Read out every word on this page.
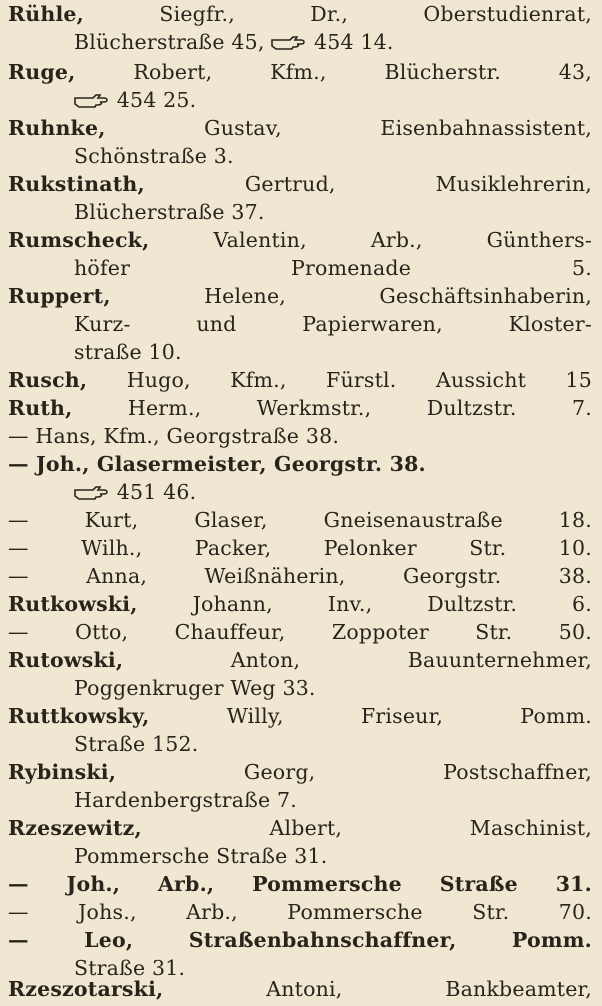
Rühle,	Siegfr., Dr., Oberstudienrat,
Blücherstraße 45,
454 14.
Ruge,	Robert, Kfm., Blücherstr. 43,
454 25.
Ruhnke,	Gustav, Eisenbahnassistent,
Schönstraße 3.
Rukstinath,	Gertrud, Musiklehrerin,
Blücherstraße 37.
Rumscheck,	Valentin, Arb., Günthers-
höfer Promenade 5.
Ruppert,	Helene, Geschäftsinhaberin,
Kurz- und Papierwaren, Kloster-
straße 10.
Rusch, Hugo, Kfm., Fürstl. Aussicht 15
Ruth,	Herm., Werkmstr., Dultzstr. 7.
— Hans, Kfm., Georgstraße 38.
— Joh., Glasermeister, Georgstr. 38.
451 46.
— Kurt, Glaser, Gneisenaustraße 18.
— Wilh., Packer, Pelonker Str. 10.
— Anna, Weißnäherin, Georgstr. 38.
Rutkowski,	Johann, Inv., Dultzstr. 6.
— Otto, Chauffeur, Zoppoter Str. 50.
Rutowski,	Anton, Bauunternehmer,
Poggenkruger Weg 33.
Ruttkowsky,	Willy, Friseur, Pomm.
Straße 152.
Rybinski,	Georg, Postschaffner,
Hardenbergstraße 7.
Rzeszewitz,	Albert, Maschinist,
Pommersche Straße 31.
— Joh., Arb., Pommersche Straße 31.
— Johs., Arb., Pommersche Str. 70.
— Leo, Straßenbahnschaffner, Pomm.
Straße 31.
Rzeszotarski,	Antoni, Bankbeamter,
